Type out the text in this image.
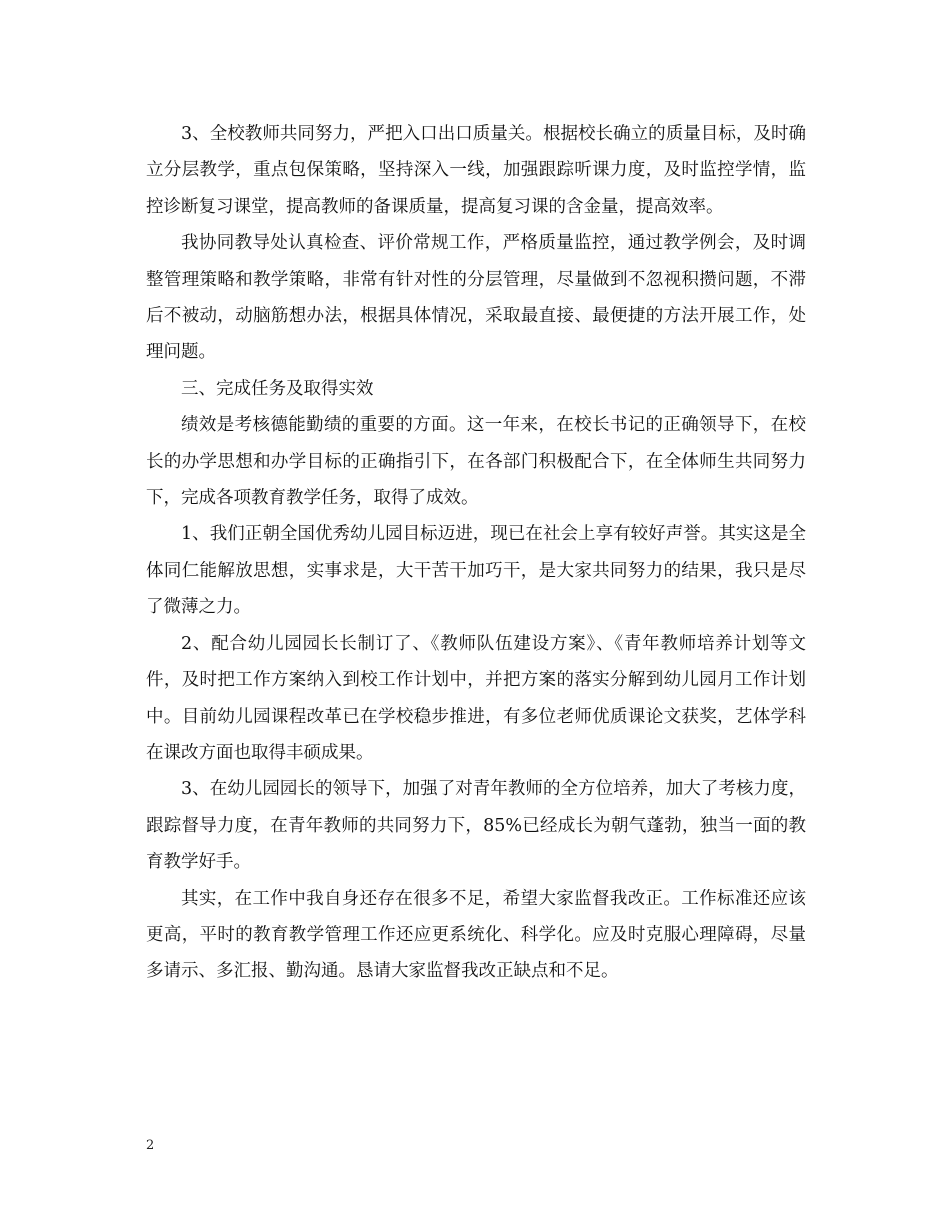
3、全校教师共同努力，严把入口出口质量关。根据校长确立的质量目标，及时确立分层教学，重点包保策略，坚持深入一线，加强跟踪听课力度，及时监控学情，监控诊断复习课堂，提高教师的备课质量，提高复习课的含金量，提高效率。

我协同教导处认真检查、评价常规工作，严格质量监控，通过教学例会，及时调整管理策略和教学策略，非常有针对性的分层管理，尽量做到不忽视积攒问题，不滞后不被动，动脑筋想办法，根据具体情况，采取最直接、最便捷的方法开展工作，处理问题。

三、完成任务及取得实效

绩效是考核德能勤绩的重要的方面。这一年来，在校长书记的正确领导下，在校长的办学思想和办学目标的正确指引下，在各部门积极配合下，在全体师生共同努力下，完成各项教育教学任务，取得了成效。

1、我们正朝全国优秀幼儿园目标迈进，现已在社会上享有较好声誉。其实这是全体同仁能解放思想，实事求是，大干苦干加巧干，是大家共同努力的结果，我只是尽了微薄之力。

2、配合幼儿园园长长制订了、《教师队伍建设方案》、《青年教师培养计划等文件，及时把工作方案纳入到校工作计划中，并把方案的落实分解到幼儿园月工作计划中。目前幼儿园课程改革已在学校稳步推进，有多位老师优质课论文获奖，艺体学科在课改方面也取得丰硕成果。

3、在幼儿园园长的领导下，加强了对青年教师的全方位培养，加大了考核力度，跟踪督导力度，在青年教师的共同努力下，85%已经成长为朝气蓬勃，独当一面的教育教学好手。

其实，在工作中我自身还存在很多不足，希望大家监督我改正。工作标准还应该更高，平时的教育教学管理工作还应更系统化、科学化。应及时克服心理障碍，尽量多请示、多汇报、勤沟通。恳请大家监督我改正缺点和不足。

2
